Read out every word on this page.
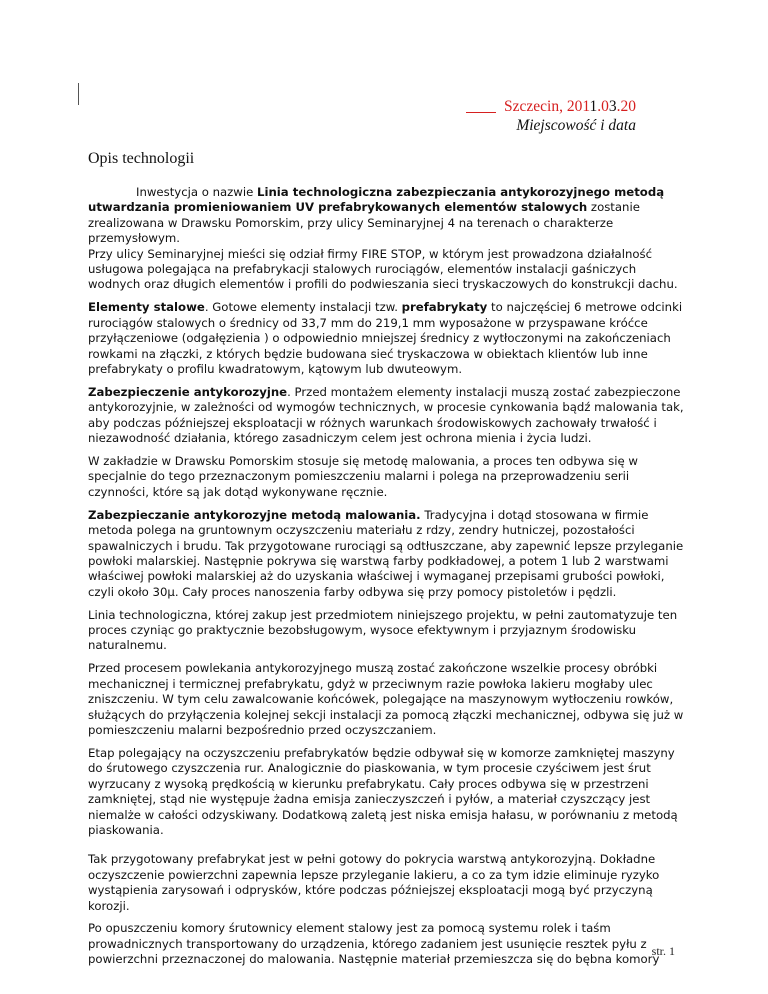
Szczecin, 2011.03.20
Miejscowość i data
Opis technologii

Inwestycja o nazwie Linia technologiczna zabezpieczania antykorozyjnego metodą utwardzania promieniowaniem UV prefabrykowanych elementów stalowych zostanie zrealizowana w Drawsku Pomorskim, przy ulicy Seminaryjnej 4 na terenach o charakterze przemysłowym.
Przy ulicy Seminaryjnej mieści się odział firmy FIRE STOP, w którym jest prowadzona działalność usługowa polegająca na prefabrykacji stalowych rurociągów, elementów instalacji gaśniczych wodnych oraz długich elementów i profili do podwieszania sieci tryskaczowych do konstrukcji dachu.

Elementy stalowe. Gotowe elementy instalacji tzw. prefabrykaty to najczęściej 6 metrowe odcinki rurociągów stalowych o średnicy od 33,7 mm do 219,1 mm wyposażone w przyspawane króćce przyłączeniowe (odgałęzienia ) o odpowiednio mniejszej średnicy z wytłoczonymi na zakończeniach rowkami na złączki, z których będzie budowana sieć tryskaczowa w obiektach klientów lub inne prefabrykaty o profilu kwadratowym, kątowym lub dwuteowym.

Zabezpieczenie antykorozyjne. Przed montażem elementy instalacji muszą zostać zabezpieczone antykorozyjnie, w zależności od wymogów technicznych, w procesie cynkowania bądź malowania tak, aby podczas późniejszej eksploatacji w różnych warunkach środowiskowych zachowały trwałość i niezawodność działania, którego zasadniczym celem jest ochrona mienia i życia ludzi.

W zakładzie w Drawsku Pomorskim stosuje się metodę malowania, a proces ten odbywa się w specjalnie do tego przeznaczonym pomieszczeniu malarni i polega na przeprowadzeniu serii czynności, które są jak dotąd wykonywane ręcznie.

Zabezpieczanie antykorozyjne metodą malowania. Tradycyjna i dotąd stosowana w firmie metoda polega na gruntownym oczyszczeniu materiału z rdzy, zendry hutniczej, pozostałości spawalniczych i brudu. Tak przygotowane rurociągi są odtłuszczane, aby zapewnić lepsze przyleganie powłoki malarskiej. Następnie pokrywa się warstwą farby podkładowej, a potem 1 lub 2 warstwami właściwej powłoki malarskiej aż do uzyskania właściwej i wymaganej przepisami grubości powłoki, czyli około 30µ. Cały proces nanoszenia farby odbywa się przy pomocy pistoletów i pędzli.

Linia technologiczna, której zakup jest przedmiotem niniejszego projektu, w pełni zautomatyzuje ten proces czyniąc go praktycznie bezobsługowym, wysoce efektywnym i przyjaznym środowisku naturalnemu.

Przed procesem powlekania antykorozyjnego muszą zostać zakończone wszelkie procesy obróbki mechanicznej i termicznej prefabrykatu, gdyż w przeciwnym razie powłoka lakieru mogłaby ulec zniszczeniu. W tym celu zawalcowanie końcówek, polegające na maszynowym wytłoczeniu rowków, służących do przyłączenia kolejnej sekcji instalacji za pomocą złączki mechanicznej, odbywa się już w pomieszczeniu malarni bezpośrednio przed oczyszczaniem.

Etap polegający na oczyszczeniu prefabrykatów będzie odbywał się w komorze zamkniętej maszyny do śrutowego czyszczenia rur. Analogicznie do piaskowania, w tym procesie czyściwem jest śrut wyrzucany z wysoką prędkością w kierunku prefabrykatu. Cały proces odbywa się w przestrzeni zamkniętej, stąd nie występuje żadna emisja zanieczyszczeń i pyłów, a materiał czyszczący jest niemalże w całości odzyskiwany. Dodatkową zaletą jest niska emisja hałasu, w porównaniu z metodą piaskowania.

Tak przygotowany prefabrykat jest w pełni gotowy do pokrycia warstwą antykorozyjną. Dokładne oczyszczenie powierzchni zapewnia lepsze przyleganie lakieru, a co za tym idzie eliminuje ryzyko wystąpienia zarysowań i odprysków, które podczas późniejszej eksploatacji mogą być przyczyną korozji.

Po opuszczeniu komory śrutownicy element stalowy jest za pomocą systemu rolek i taśm prowadnicznych transportowany do urządzenia, którego zadaniem jest usunięcie resztek pyłu z powierzchni przeznaczonej do malowania. Następnie materiał przemieszcza się do bębna komory

str. 1
